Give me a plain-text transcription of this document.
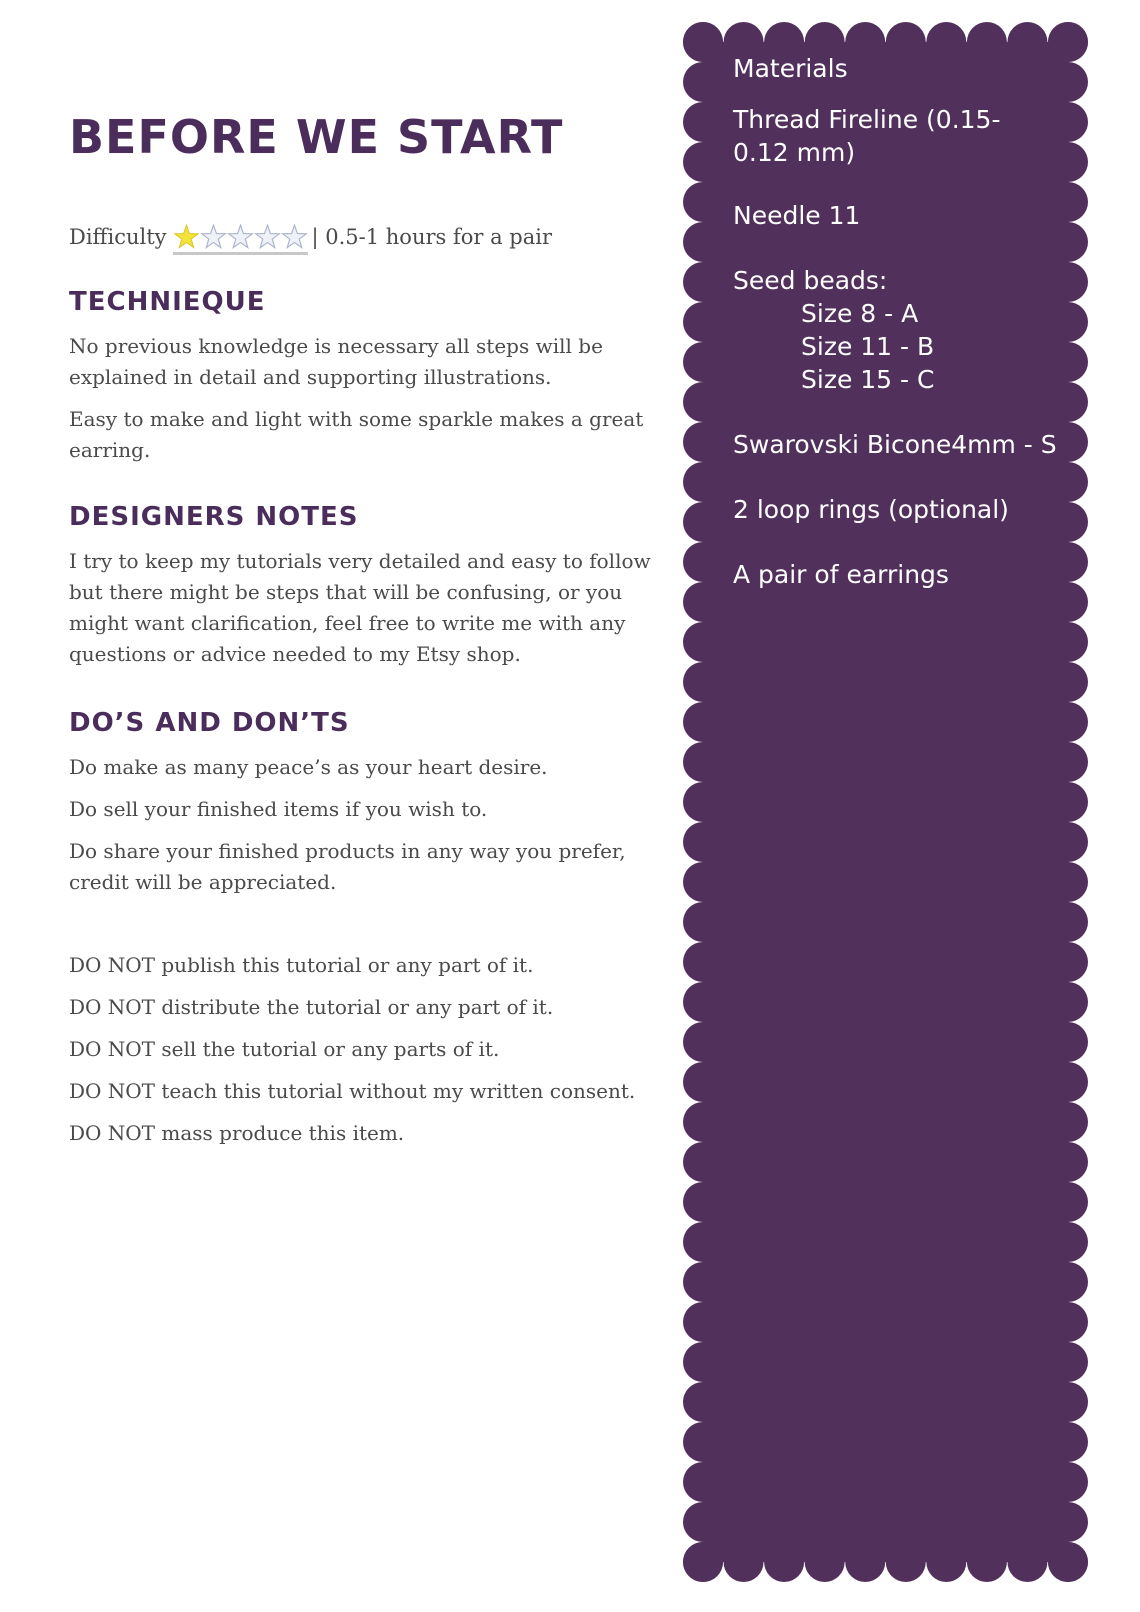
BEFORE WE START
Difficulty	| 0.5-1 hours for a pair
TECHNIEQUE

No previous knowledge is necessary all steps will be explained in detail and supporting illustrations.

Easy to make and light with some sparkle makes a great earring.

DESIGNERS NOTES

I try to keep my tutorials very detailed and easy to follow but there might be steps that will be confusing, or you might want clarification, feel free to write me with any questions or advice needed to my Etsy shop.

DO’S AND DON’TS

Do make as many peace’s as your heart desire.

Do sell your finished items if you wish to.

Do share your finished products in any way you prefer, credit will be appreciated.

DO NOT publish this tutorial or any part of it.

DO NOT distribute the tutorial or any part of it.

DO NOT sell the tutorial or any parts of it.

DO NOT teach this tutorial without my written consent.

DO NOT mass produce this item.

Materials

Thread Fireline (0.15-0.12 mm)

Needle 11

Seed beads:

Size 8 - A

Size 11 - B

Size 15 - C

Swarovski Bicone4mm - S

2 loop rings (optional)

A pair of earrings
